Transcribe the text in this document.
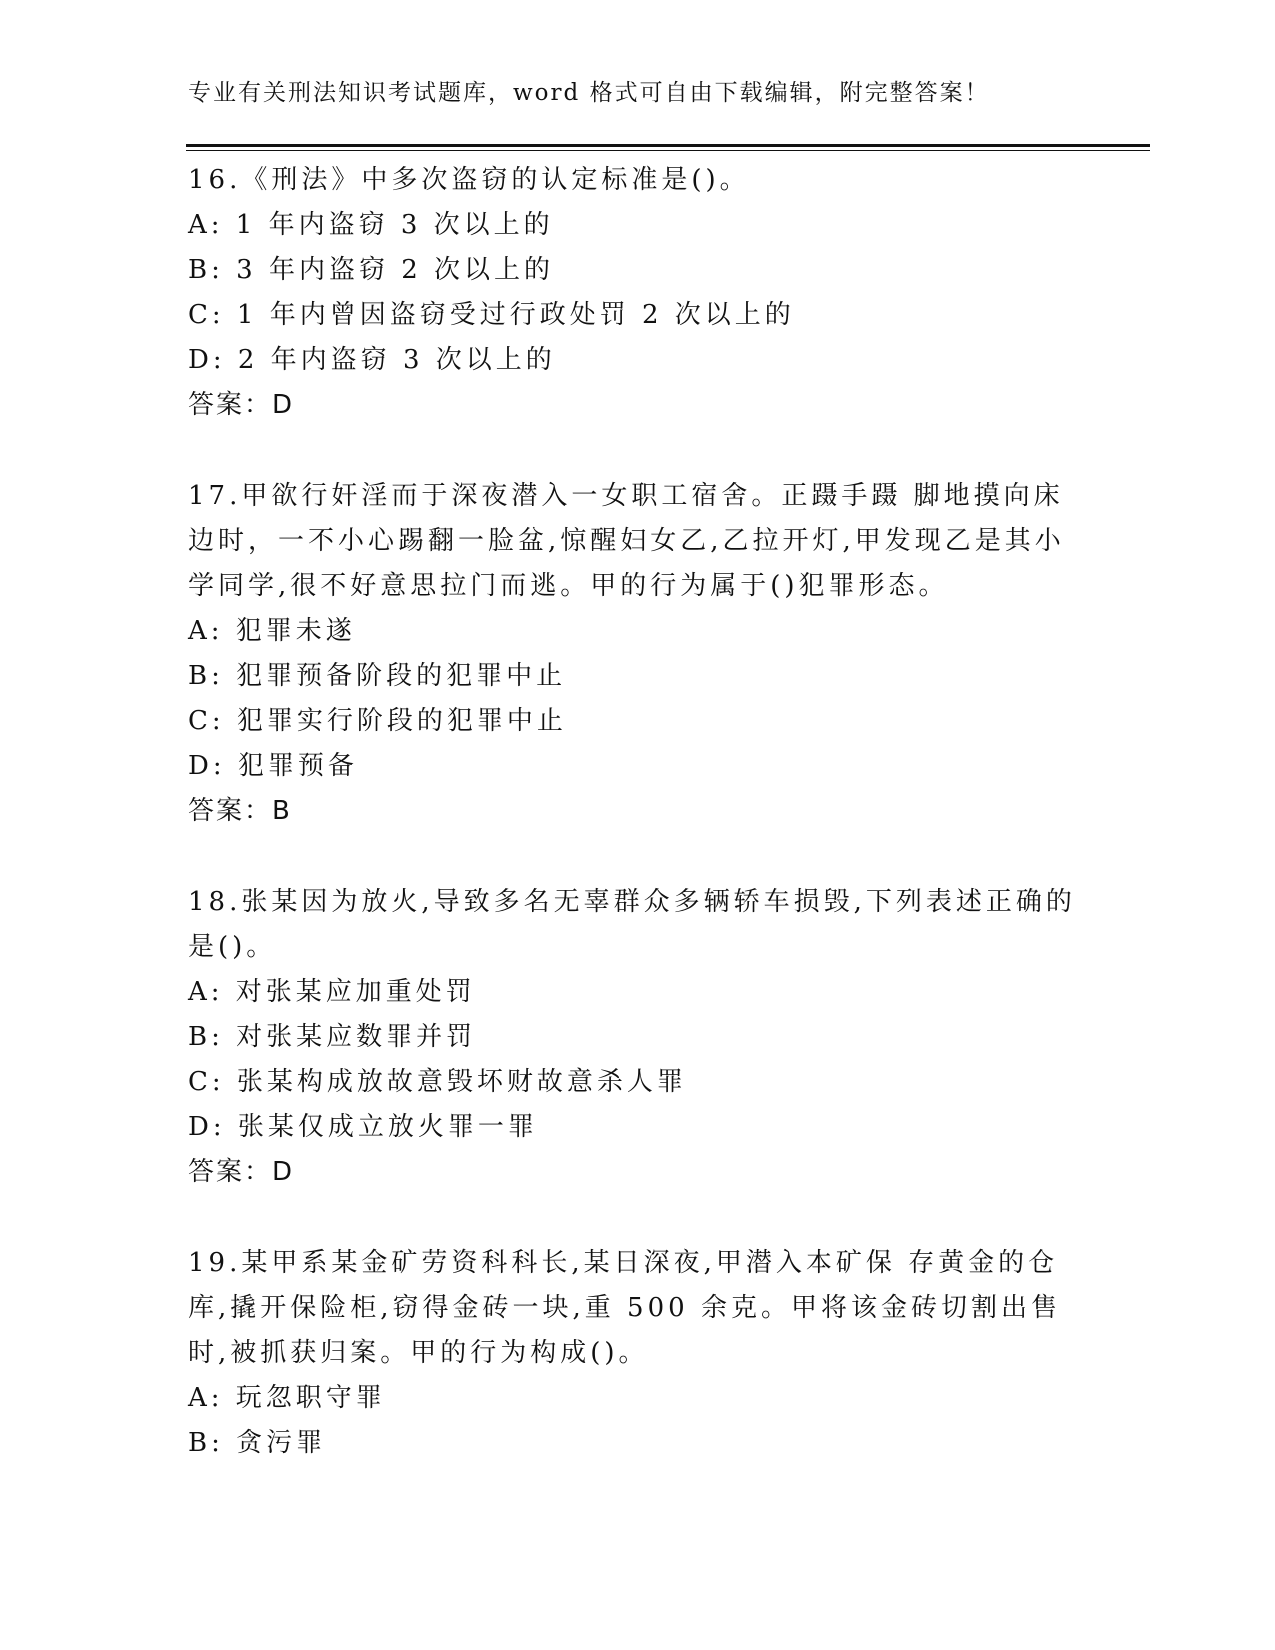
专业有关刑法知识考试题库，word 格式可自由下载编辑，附完整答案！
16.《刑法》中多次盗窃的认定标准是()。
A: 1 年内盗窃 3 次以上的
B: 3 年内盗窃 2 次以上的
C: 1 年内曾因盗窃受过行政处罚 2 次以上的
D: 2 年内盗窃 3 次以上的
答案：D
17.甲欲行奸淫而于深夜潜入一女职工宿舍。正蹑手蹑 脚地摸向床边时，一不小心踢翻一脸盆,惊醒妇女乙,乙拉开灯,甲发现乙是其小学同学,很不好意思拉门而逃。甲的行为属于()犯罪形态。
A: 犯罪未遂
B: 犯罪预备阶段的犯罪中止
C: 犯罪实行阶段的犯罪中止
D: 犯罪预备
答案：B
18.张某因为放火,导致多名无辜群众多辆轿车损毁,下列表述正确的是()。
A: 对张某应加重处罚
B: 对张某应数罪并罚
C: 张某构成放故意毁坏财故意杀人罪
D: 张某仅成立放火罪一罪
答案：D
19.某甲系某金矿劳资科科长,某日深夜,甲潜入本矿保 存黄金的仓库,撬开保险柜,窃得金砖一块,重 500 余克。甲将该金砖切割出售时,被抓获归案。甲的行为构成()。
A: 玩忽职守罪
B: 贪污罪
